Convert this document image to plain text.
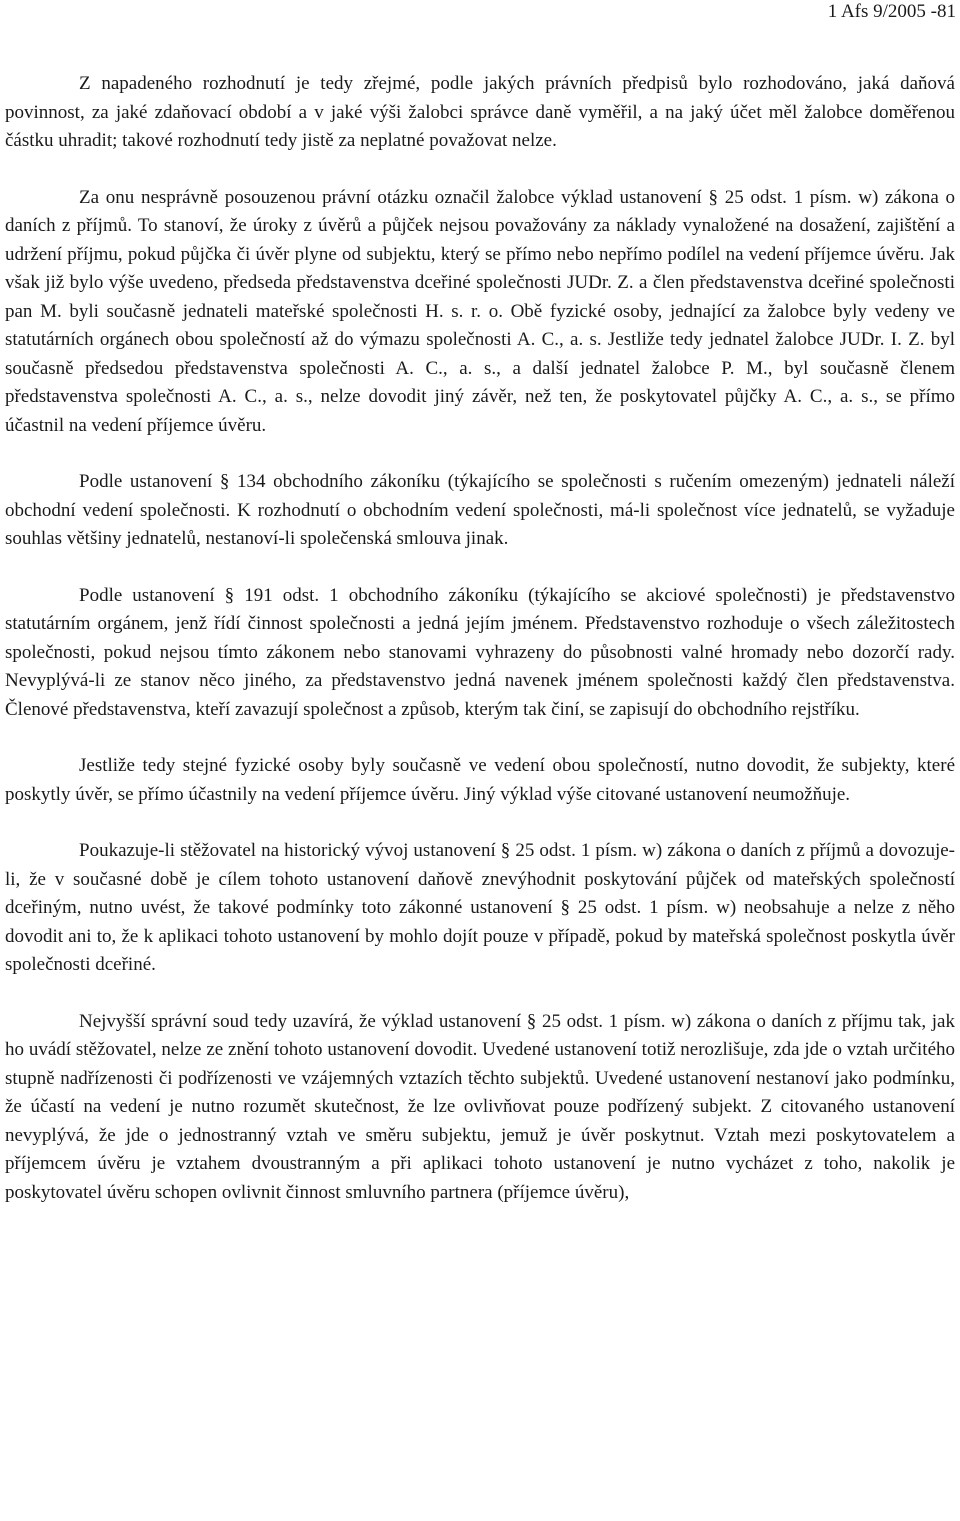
1 Afs 9/2005 -81

Z napadeného rozhodnutí je tedy zřejmé, podle jakých právních předpisů bylo rozhodováno, jaká daňová povinnost, za jaké zdaňovací období a v jaké výši žalobci správce daně vyměřil, a na jaký účet měl žalobce doměřenou částku uhradit; takové rozhodnutí tedy jistě za neplatné považovat nelze.

Za onu nesprávně posouzenou právní otázku označil žalobce výklad ustanovení § 25 odst. 1 písm. w) zákona o daních z příjmů. To stanoví, že úroky z úvěrů a půjček nejsou považovány za náklady vynaložené na dosažení, zajištění a udržení příjmu, pokud půjčka či úvěr plyne od subjektu, který se přímo nebo nepřímo podílel na vedení příjemce úvěru. Jak však již bylo výše uvedeno, předseda představenstva dceřiné společnosti JUDr. Z. a člen představenstva dceřiné společnosti pan M. byli současně jednateli mateřské společnosti H. s. r. o. Obě fyzické osoby, jednající za žalobce byly vedeny ve statutárních orgánech obou společností až do výmazu společnosti A. C., a. s. Jestliže tedy jednatel žalobce JUDr. I. Z. byl současně předsedou představenstva společnosti A. C., a. s., a další jednatel žalobce P. M., byl současně členem představenstva společnosti A. C., a. s., nelze dovodit jiný závěr, než ten, že poskytovatel půjčky A. C., a. s., se přímo účastnil na vedení příjemce úvěru.

Podle ustanovení § 134 obchodního zákoníku (týkajícího se společnosti s ručením omezeným) jednateli náleží obchodní vedení společnosti. K rozhodnutí o obchodním vedení společnosti, má-li společnost více jednatelů, se vyžaduje souhlas většiny jednatelů, nestanoví-li společenská smlouva jinak.

Podle ustanovení § 191 odst. 1 obchodního zákoníku (týkajícího se akciové společnosti) je představenstvo statutárním orgánem, jenž řídí činnost společnosti a jedná jejím jménem. Představenstvo rozhoduje o všech záležitostech společnosti, pokud nejsou tímto zákonem nebo stanovami vyhrazeny do působnosti valné hromady nebo dozorčí rady. Nevyplývá-li ze stanov něco jiného, za představenstvo jedná navenek jménem společnosti každý člen představenstva. Členové představenstva, kteří zavazují společnost a způsob, kterým tak činí, se zapisují do obchodního rejstříku.

Jestliže tedy stejné fyzické osoby byly současně ve vedení obou společností, nutno dovodit, že subjekty, které poskytly úvěr, se přímo účastnily na vedení příjemce úvěru. Jiný výklad výše citované ustanovení neumožňuje.

Poukazuje-li stěžovatel na historický vývoj ustanovení § 25 odst. 1 písm. w) zákona o daních z příjmů a dovozuje-li, že v současné době je cílem tohoto ustanovení daňově znevýhodnit poskytování půjček od mateřských společností dceřiným, nutno uvést, že takové podmínky toto zákonné ustanovení § 25 odst. 1 písm. w) neobsahuje a nelze z něho dovodit ani to, že k aplikaci tohoto ustanovení by mohlo dojít pouze v případě, pokud by mateřská společnost poskytla úvěr společnosti dceřiné.

Nejvyšší správní soud tedy uzavírá, že výklad ustanovení § 25 odst. 1 písm. w) zákona o daních z příjmu tak, jak ho uvádí stěžovatel, nelze ze znění tohoto ustanovení dovodit. Uvedené ustanovení totiž nerozlišuje, zda jde o vztah určitého stupně nadřízenosti či podřízenosti ve vzájemných vztazích těchto subjektů. Uvedené ustanovení nestanoví jako podmínku, že účastí na vedení je nutno rozumět skutečnost, že lze ovlivňovat pouze podřízený subjekt. Z citovaného ustanovení nevyplývá, že jde o jednostranný vztah ve směru subjektu, jemuž je úvěr poskytnut. Vztah mezi poskytovatelem a příjemcem úvěru je vztahem dvoustranným a při aplikaci tohoto ustanovení je nutno vycházet z toho, nakolik je poskytovatel úvěru schopen ovlivnit činnost smluvního partnera (příjemce úvěru),
